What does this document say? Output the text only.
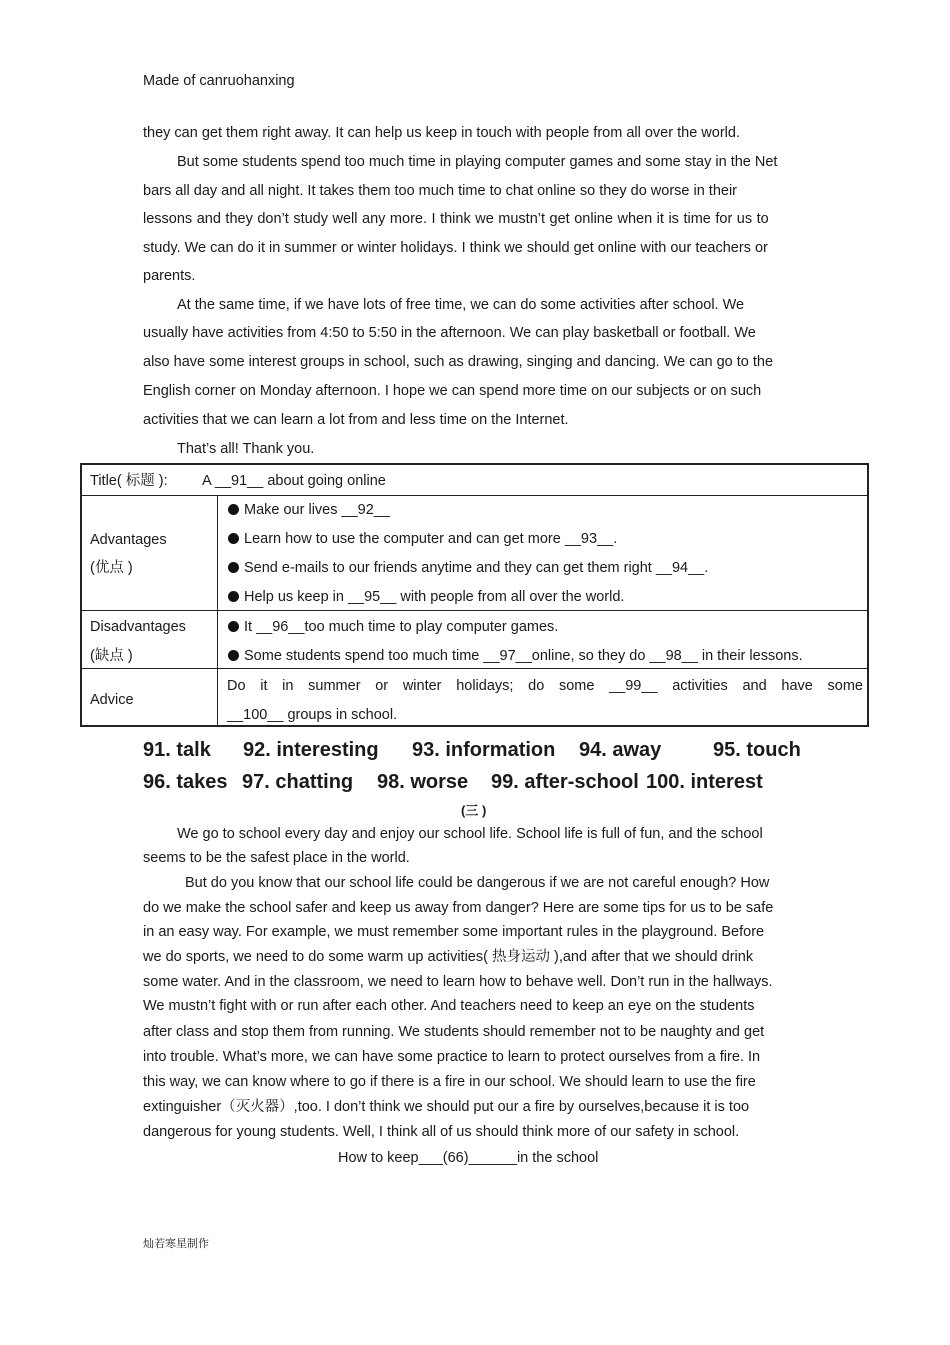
Made of canruohanxing
they can get them right away. It can help us keep in touch with people from all over the world.
But some students spend too much time in playing computer games and some stay in the Net
bars all day and all night. It takes them too much time to chat online so they do worse in their
lessons and they don’t study well any more. I think we mustn’t get online when it is time for us to
study. We can do it in summer or winter holidays. I think we should get online with our teachers or
parents.
At the same time, if we have lots of free time, we can do some activities after school. We
usually have activities from 4:50 to 5:50 in the afternoon. We can play basketball or football. We
also have some interest groups in school, such as drawing, singing and dancing. We can go to the
English corner on Monday afternoon. I hope we can spend more time on our subjects or on such
activities that we can learn a lot from and less time on the Internet.
That’s all! Thank you.
Title( 标题 ): A __91__ about going online
Advantages
(优点 )
Make our lives __92__
Learn how to use the computer and can get more __93__.
Send e-mails to our friends anytime and they can get them right __94__.
Help us keep in __95__ with people from all over the world.
Disadvantages
(缺点 )
It __96__too much time to play computer games.
Some students spend too much time __97__online, so they do __98__ in their lessons.
Advice
Do it in summer or winter holidays; do some __99__ activities and have some
__100__ groups in school.
91. talk 92. interesting 93. information 94. away	95. touch
96. takes 97. chatting 98. worse 99. after-school 100. interest
(三 )
We go to school every day and enjoy our school life. School life is full of fun, and the school
seems to be the safest place in the world.
But do you know that our school life could be dangerous if we are not careful enough? How
do we make the school safer and keep us away from danger? Here are some tips for us to be safe
in an easy way. For example, we must remember some important rules in the playground. Before
we do sports, we need to do some warm up activities( 热身运动 ),and after that we should drink
some water. And in the classroom, we need to learn how to behave well. Don’t run in the hallways.
We mustn’t fight with or run after each other. And teachers need to keep an eye on the students
after class and stop them from running. We students should remember not to be naughty and get
into trouble. What’s more, we can have some practice to learn to protect ourselves from a fire. In
this way, we can know where to go if there is a fire in our school. We should learn to use the fire
extinguisher（灭火器）,too. I don’t think we should put our a fire by ourselves,because it is too
dangerous for young students. Well, I think all of us should think more of our safety in school.
How to keep___(66)______in the school
灿若寒星制作
